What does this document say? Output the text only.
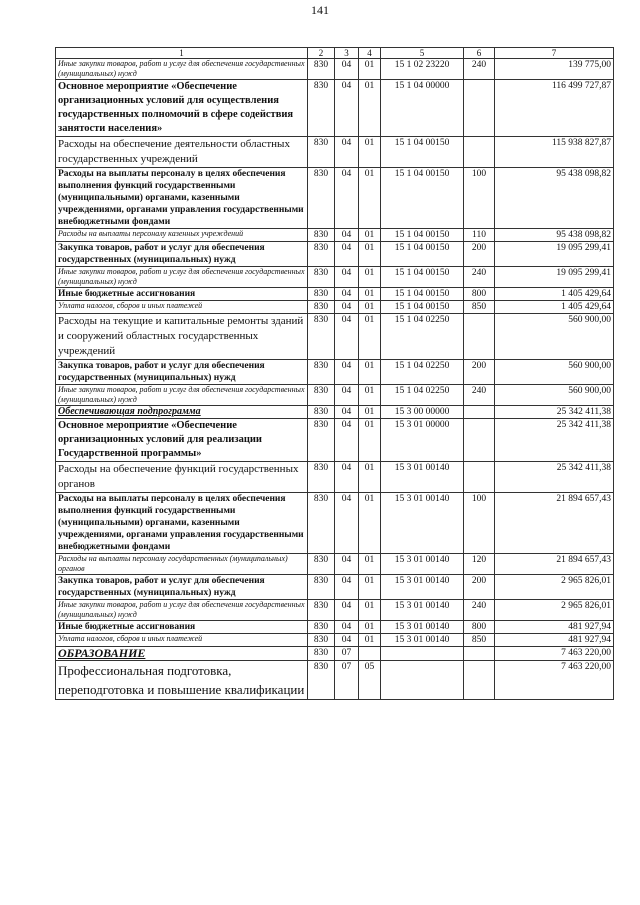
141
1	2	3	4	5	6	7
Иные закупки товаров, работ и услуг для обеспечения государственных (муниципальных) нужд	830	04	01	15 1 02 23220	240	139 775,00
Основное мероприятие «Обеспечение организационных условий для осуществления государственных полномочий в сфере содействия занятости населения»	830	04	01	15 1 04 00000		116 499 727,87
Расходы на обеспечение деятельности областных государственных учреждений	830	04	01	15 1 04 00150		115 938 827,87
Расходы на выплаты персоналу в целях обеспечения выполнения функций государственными (муниципальными) органами, казенными учреждениями, органами управления государственными внебюджетными фондами	830	04	01	15 1 04 00150	100	95 438 098,82
Расходы на выплаты персоналу казенных учреждений	830	04	01	15 1 04 00150	110	95 438 098,82
Закупка товаров, работ и услуг для обеспечения государственных (муниципальных) нужд	830	04	01	15 1 04 00150	200	19 095 299,41
Иные закупки товаров, работ и услуг для обеспечения государственных (муниципальных) нужд	830	04	01	15 1 04 00150	240	19 095 299,41
Иные бюджетные ассигнования	830	04	01	15 1 04 00150	800	1 405 429,64
Уплата налогов, сборов и иных платежей	830	04	01	15 1 04 00150	850	1 405 429,64
Расходы на текущие и капитальные ремонты зданий и сооружений областных государственных учреждений	830	04	01	15 1 04 02250		560 900,00
Закупка товаров, работ и услуг для обеспечения государственных (муниципальных) нужд	830	04	01	15 1 04 02250	200	560 900,00
Иные закупки товаров, работ и услуг для обеспечения государственных (муниципальных) нужд	830	04	01	15 1 04 02250	240	560 900,00
Обеспечивающая подпрограмма	830	04	01	15 3 00 00000		25 342 411,38
Основное мероприятие «Обеспечение организационных условий для реализации Государственной программы»	830	04	01	15 3 01 00000		25 342 411,38
Расходы на обеспечение функций государственных органов	830	04	01	15 3 01 00140		25 342 411,38
Расходы на выплаты персоналу в целях обеспечения выполнения функций государственными (муниципальными) органами, казенными учреждениями, органами управления государственными внебюджетными фондами	830	04	01	15 3 01 00140	100	21 894 657,43
Расходы на выплаты персоналу государственных (муниципальных) органов	830	04	01	15 3 01 00140	120	21 894 657,43
Закупка товаров, работ и услуг для обеспечения государственных (муниципальных) нужд	830	04	01	15 3 01 00140	200	2 965 826,01
Иные закупки товаров, работ и услуг для обеспечения государственных (муниципальных) нужд	830	04	01	15 3 01 00140	240	2 965 826,01
Иные бюджетные ассигнования	830	04	01	15 3 01 00140	800	481 927,94
Уплата налогов, сборов и иных платежей	830	04	01	15 3 01 00140	850	481 927,94
ОБРАЗОВАНИЕ	830	07				7 463 220,00
Профессиональная подготовка, переподготовка и повышение квалификации	830	07	05			7 463 220,00
